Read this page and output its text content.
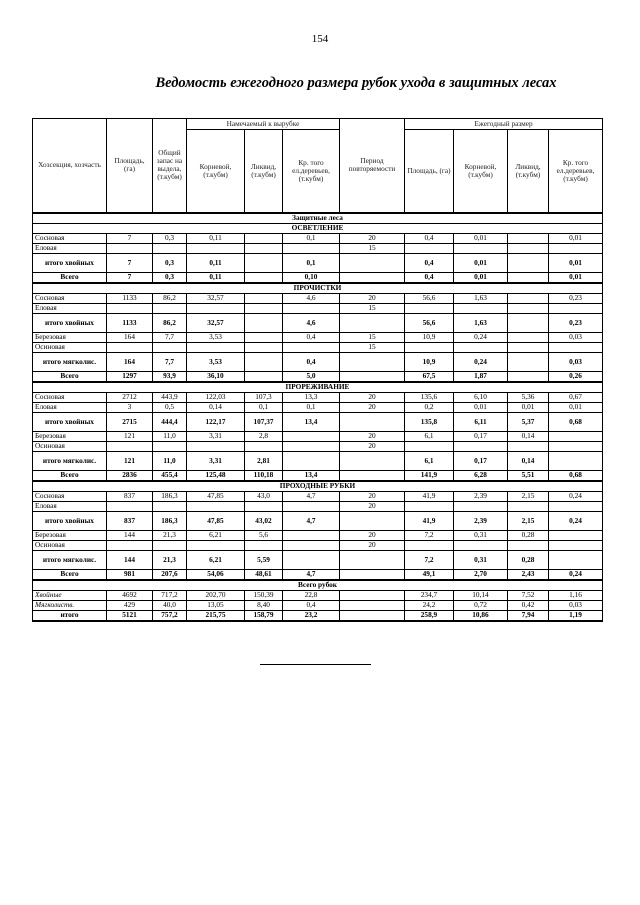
154
Ведомость ежегодного размера рубок ухода в защитных лесах
Хозсекция, хозчасть	Площадь, (га)	Общий запас на выдела, (т.кубм)	Намечаемый к вырубке			Период повторяемости	Ежегодный размер			
			Корневой, (т.кубм)	Ликвид, (т.кубм)	Кр. того ел.деревьев, (т.кубм)		Площадь, (га)	Корневой, (т.кубм)	Ликвид, (т.кубм)	Кр. того ел.деревьев, (т.кубм)
Защитные леса										
ОСВЕТЛЕНИЕ										
Сосновая	7	0,3	0,11		0,1	20	0,4	0,01		0,01
Еловая						15				
итого хвойных	7	0,3	0,11		0,1		0,4	0,01		0,01
Всего	7	0,3	0,11		0,10		0,4	0,01		0,01
ПРОЧИСТКИ										
Сосновая	1133	86,2	32,57		4,6	20	56,6	1,63		0,23
Еловая						15				
итого хвойных	1133	86,2	32,57		4,6		56,6	1,63		0,23
Березовая	164	7,7	3,53		0,4	15	10,9	0,24		0,03
Осиновая						15				
итого мягколис.	164	7,7	3,53		0,4		10,9	0,24		0,03
Всего	1297	93,9	36,10		5,0		67,5	1,87		0,26
ПРОРЕЖИВАНИЕ										
Сосновая	2712	443,9	122,03	107,3	13,3	20	135,6	6,10	5,36	0,67
Еловая	3	0,5	0,14	0,1	0,1	20	0,2	0,01	0,01	0,01
итого хвойных	2715	444,4	122,17	107,37	13,4		135,8	6,11	5,37	0,68
Березовая	121	11,0	3,31	2,8		20	6,1	0,17	0,14	
Осиновая						20				
итого мягколис.	121	11,0	3,31	2,81			6,1	0,17	0,14	
Всего	2836	455,4	125,48	110,18	13,4		141,9	6,28	5,51	0,68
ПРОХОДНЫЕ РУБКИ										
Сосновая	837	186,3	47,85	43,0	4,7	20	41,9	2,39	2,15	0,24
Еловая						20				
итого хвойных	837	186,3	47,85	43,02	4,7		41,9	2,39	2,15	0,24
Березовая	144	21,3	6,21	5,6		20	7,2	0,31	0,28	
Осиновая						20				
итого мягколис.	144	21,3	6,21	5,59			7,2	0,31	0,28	
Всего	981	207,6	54,06	48,61	4,7		49,1	2,70	2,43	0,24
Всего рубок										
Хвойные	4692	717,2	202,70	150,39	22,8		234,7	10,14	7,52	1,16
Мягколиств.	429	40,0	13,05	8,40	0,4		24,2	0,72	0,42	0,03
итого	5121	757,2	215,75	158,79	23,2		258,9	10,86	7,94	1,19
